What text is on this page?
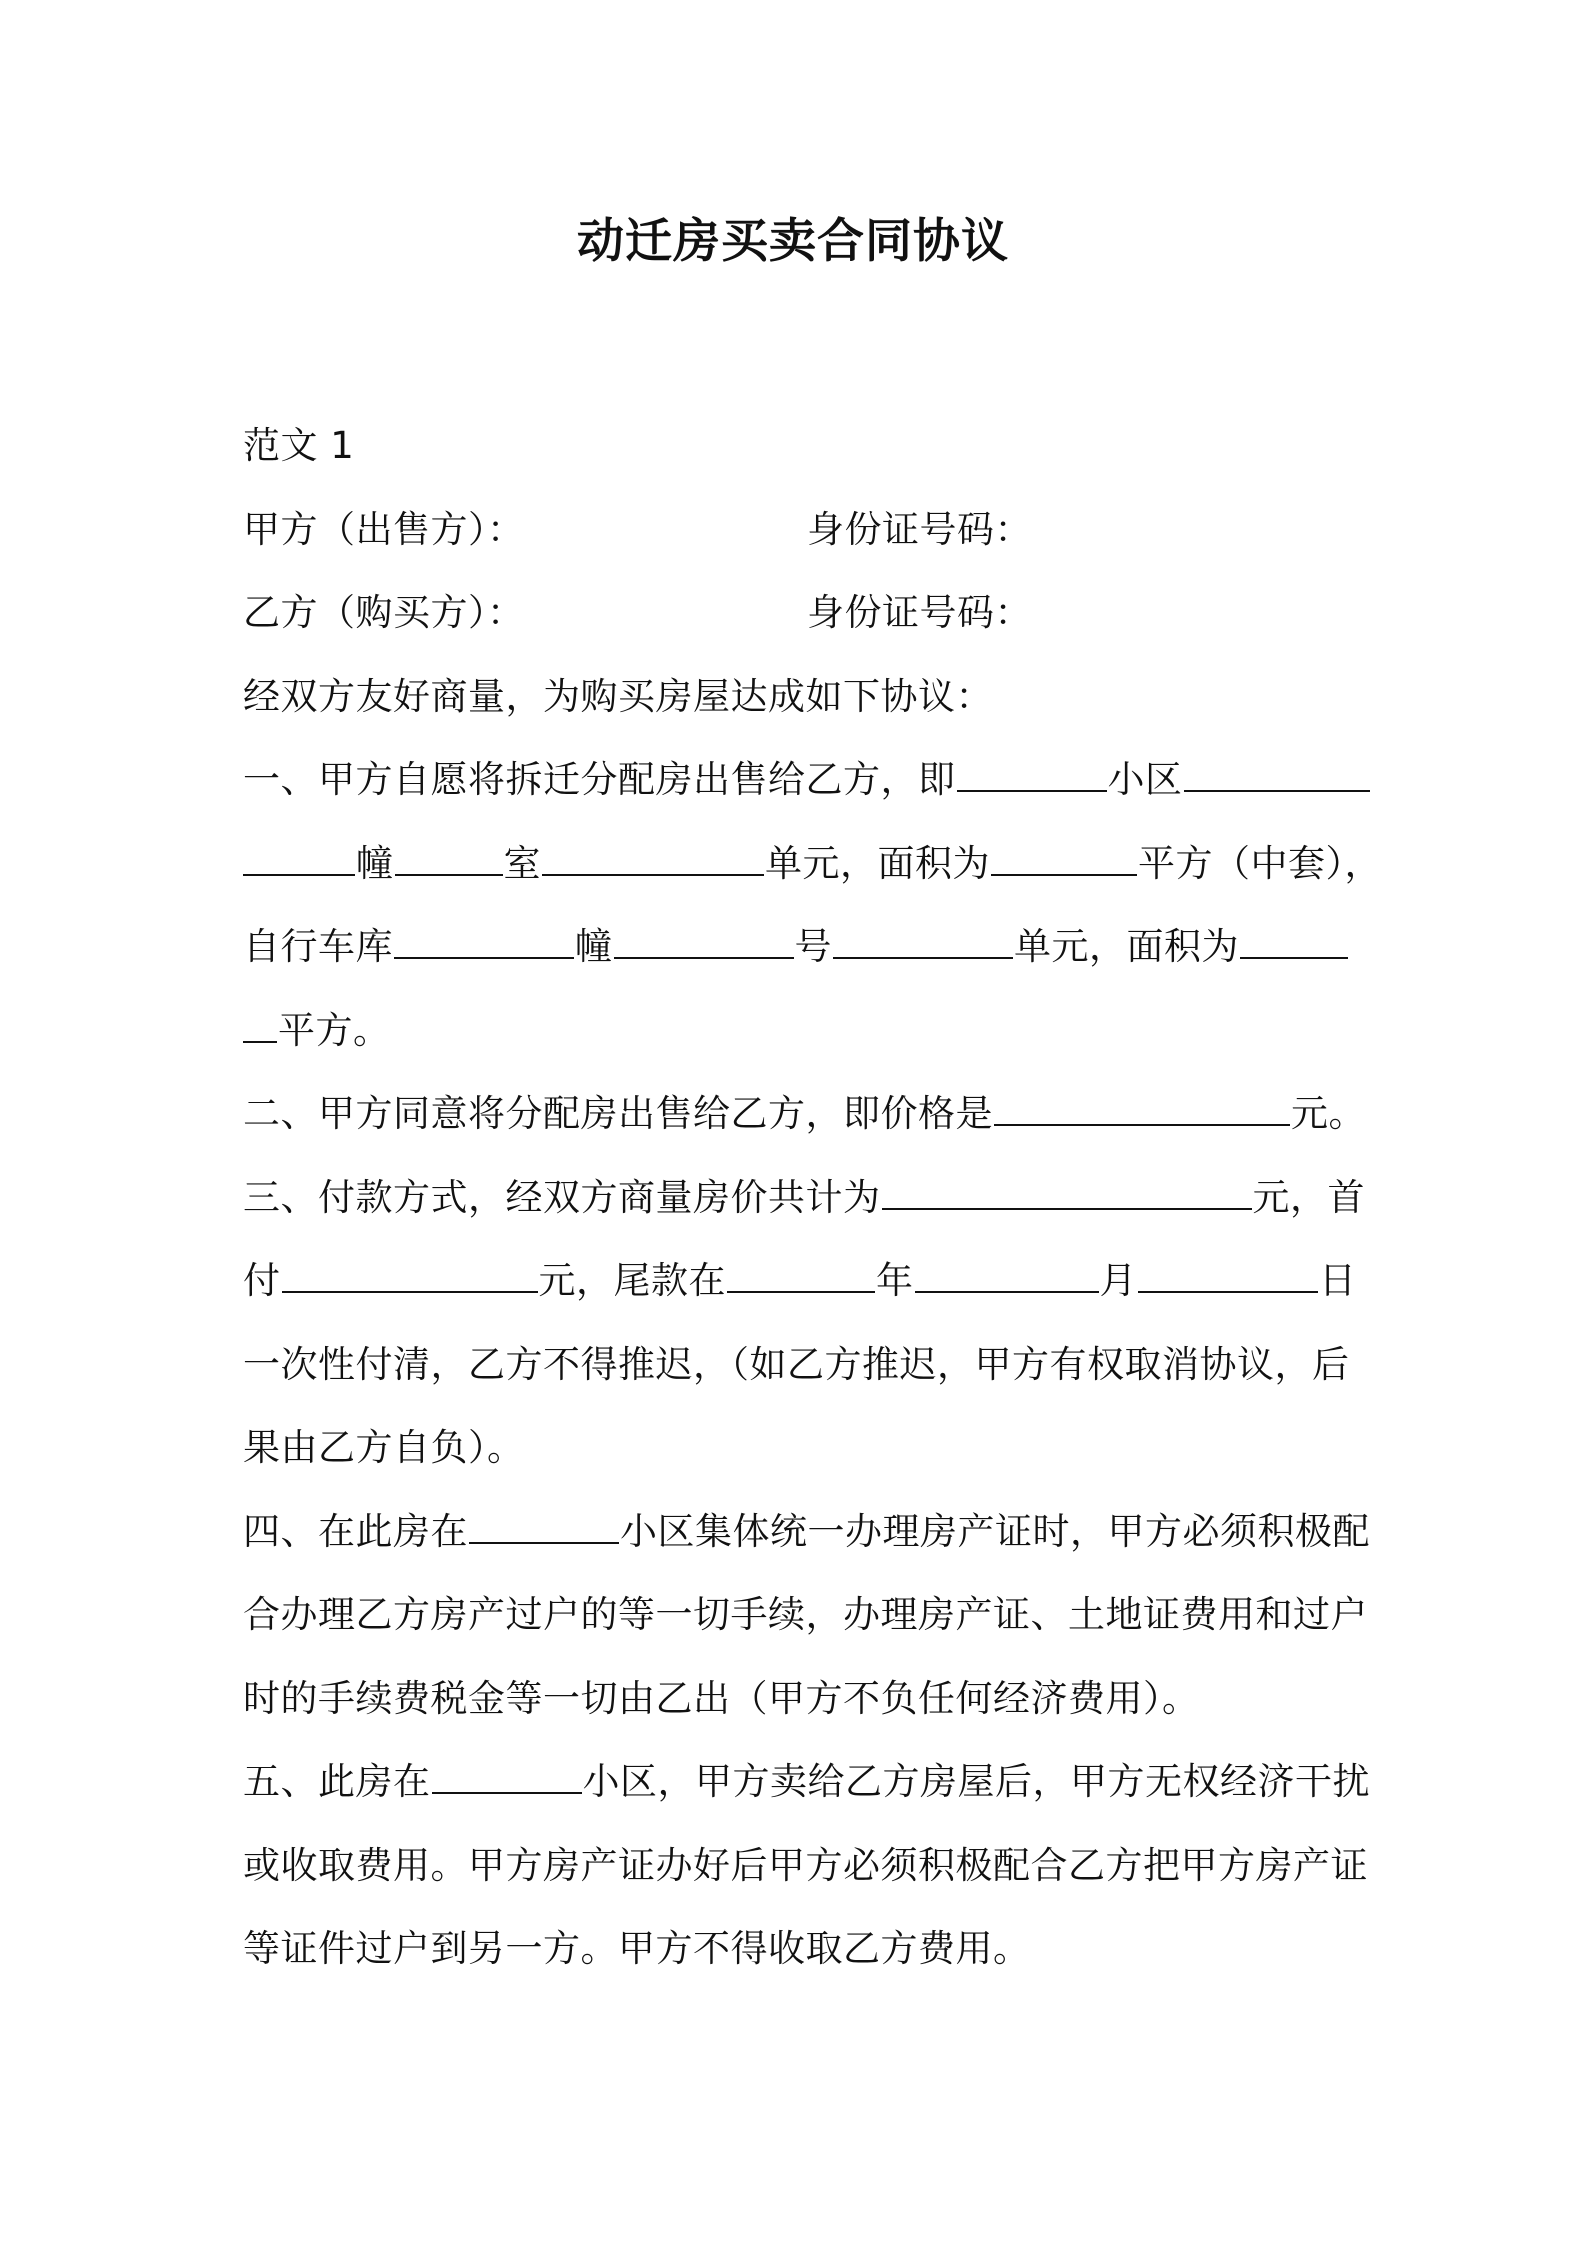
动迁房买卖合同协议
范文 1
甲方（出售方）：	身份证号码：
乙方（购买方）：	身份证号码：
经双方友好商量，为购买房屋达成如下协议：
一、甲方自愿将拆迁分配房出售给乙方，即	小区
幢	室	单元，面积为	平方（中套），
自行车库	幢	号	单元，面积为
平方。
二、甲方同意将分配房出售给乙方，即价格是	元。
三、付款方式，经双方商量房价共计为	元，首
付	元，尾款在	年	月	日
一次性付清，乙方不得推迟，（如乙方推迟，甲方有权取消协议，后
果由乙方自负）。
四、在此房在	小区集体统一办理房产证时，甲方必须积极配
合办理乙方房产过户的等一切手续，办理房产证、土地证费用和过户
时的手续费税金等一切由乙出（甲方不负任何经济费用）。
五、此房在	小区，甲方卖给乙方房屋后，甲方无权经济干扰
或收取费用。甲方房产证办好后甲方必须积极配合乙方把甲方房产证
等证件过户到另一方。甲方不得收取乙方费用。
